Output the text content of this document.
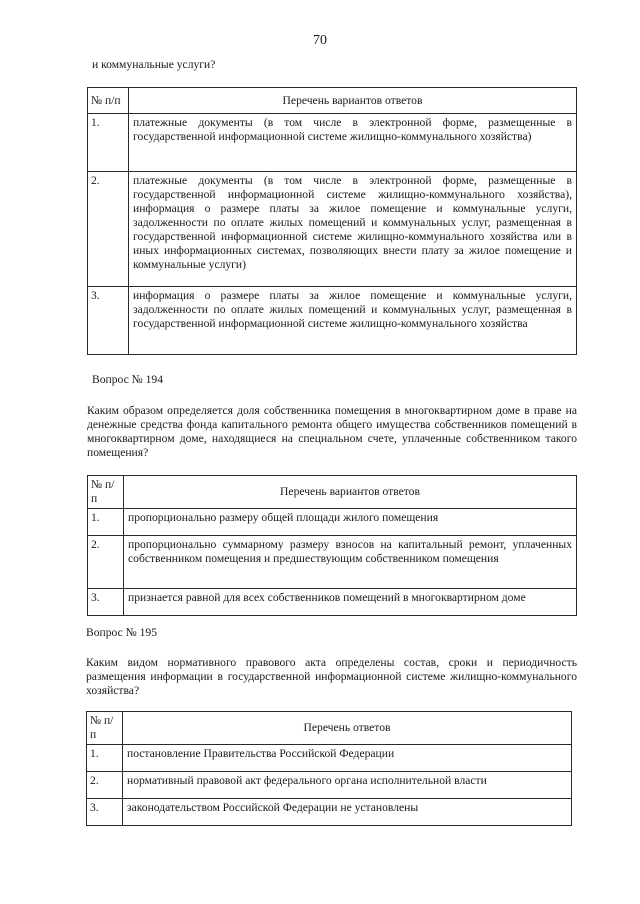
70
и коммунальные услуги?
№ п/п	Перечень вариантов ответов
1.	платежные документы (в том числе в электронной форме, размещенные в государственной информационной системе жилищно-коммунального хозяйства)
2.	платежные документы (в том числе в электронной форме, размещенные в государственной информационной системе жилищно-коммунального хозяйства), информация о размере платы за жилое помещение и коммунальные услуги, задолженности по оплате жилых помещений и коммунальных услуг, размещенная в государственной информационной системе жилищно-коммунального хозяйства или в иных информационных системах, позволяющих внести плату за жилое помещение и коммунальные услуги)
3.	информация о размере платы за жилое помещение и коммунальные услуги, задолженности по оплате жилых помещений и коммунальных услуг, размещенная в государственной информационной системе жилищно-коммунального хозяйства
Вопрос № 194
Каким образом определяется доля собственника помещения в многоквартирном доме в праве на денежные средства фонда капитального ремонта общего имущества собственников помещений в многоквартирном доме, находящиеся на специальном счете, уплаченные собственником такого помещения?
№ п/п	Перечень вариантов ответов
1.	пропорционально размеру общей площади жилого помещения
2.	пропорционально суммарному размеру взносов на капитальный ремонт, уплаченных собственником помещения и предшествующим собственником помещения
3.	признается равной для всех собственников помещений в многоквартирном доме
Вопрос № 195
Каким видом нормативного правового акта определены состав, сроки и периодичность размещения информации в государственной информационной системе жилищно-коммунального хозяйства?
№ п/п	Перечень ответов
1.	постановление Правительства Российской Федерации
2.	нормативный правовой акт федерального органа исполнительной власти
3.	законодательством Российской Федерации не установлены
